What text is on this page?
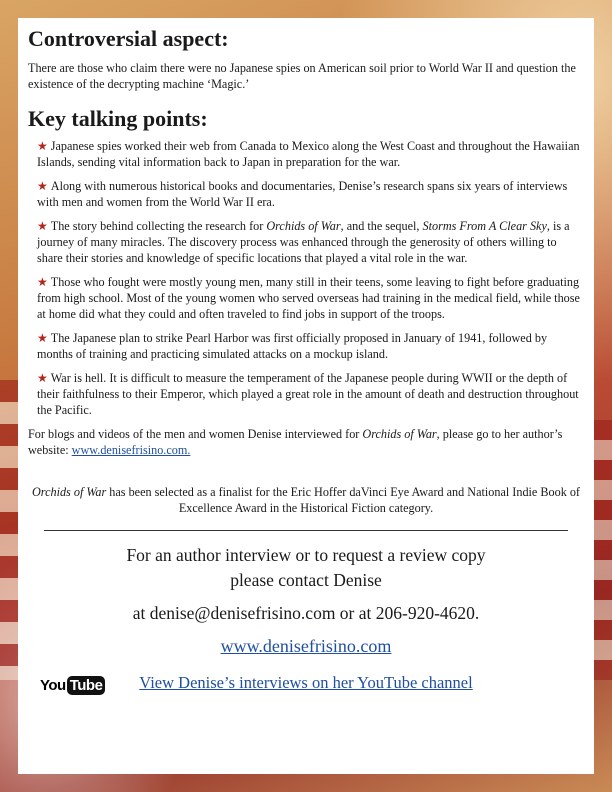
Controversial aspect:

There are those who claim there were no Japanese spies on American soil prior to World War II and question the existence of the decrypting machine ‘Magic.’

Key talking points:

★ Japanese spies worked their web from Canada to Mexico along the West Coast and throughout the Hawaiian Islands, sending vital information back to Japan in preparation for the war.

★ Along with numerous historical books and documentaries, Denise’s research spans six years of interviews with men and women from the World War II era.

★ The story behind collecting the research for Orchids of War, and the sequel, Storms From A Clear Sky, is a journey of many miracles. The discovery process was enhanced through the generosity of others willing to share their stories and knowledge of specific locations that played a vital role in the war.

★ Those who fought were mostly young men, many still in their teens, some leaving to fight before graduating from high school. Most of the young women who served overseas had training in the medical field, while those at home did what they could and often traveled to find jobs in support of the troops.

★ The Japanese plan to strike Pearl Harbor was first officially proposed in January of 1941, followed by months of training and practicing simulated attacks on a mockup island.

★ War is hell. It is difficult to measure the temperament of the Japanese people during WWII or the depth of their faithfulness to their Emperor, which played a great role in the amount of death and destruction throughout the Pacific.

For blogs and videos of the men and women Denise interviewed for Orchids of War, please go to her author’s website: www.denisefrisino.com.

Orchids of War has been selected as a finalist for the Eric Hoffer daVinci Eye Award and National Indie Book of Excellence Award in the Historical Fiction category.

For an author interview or to request a review copy
please contact Denise
at denise@denisefrisino.com or at 206-920-4620.
www.denisefrisino.com
You Tube	View Denise’s interviews on her YouTube channel
